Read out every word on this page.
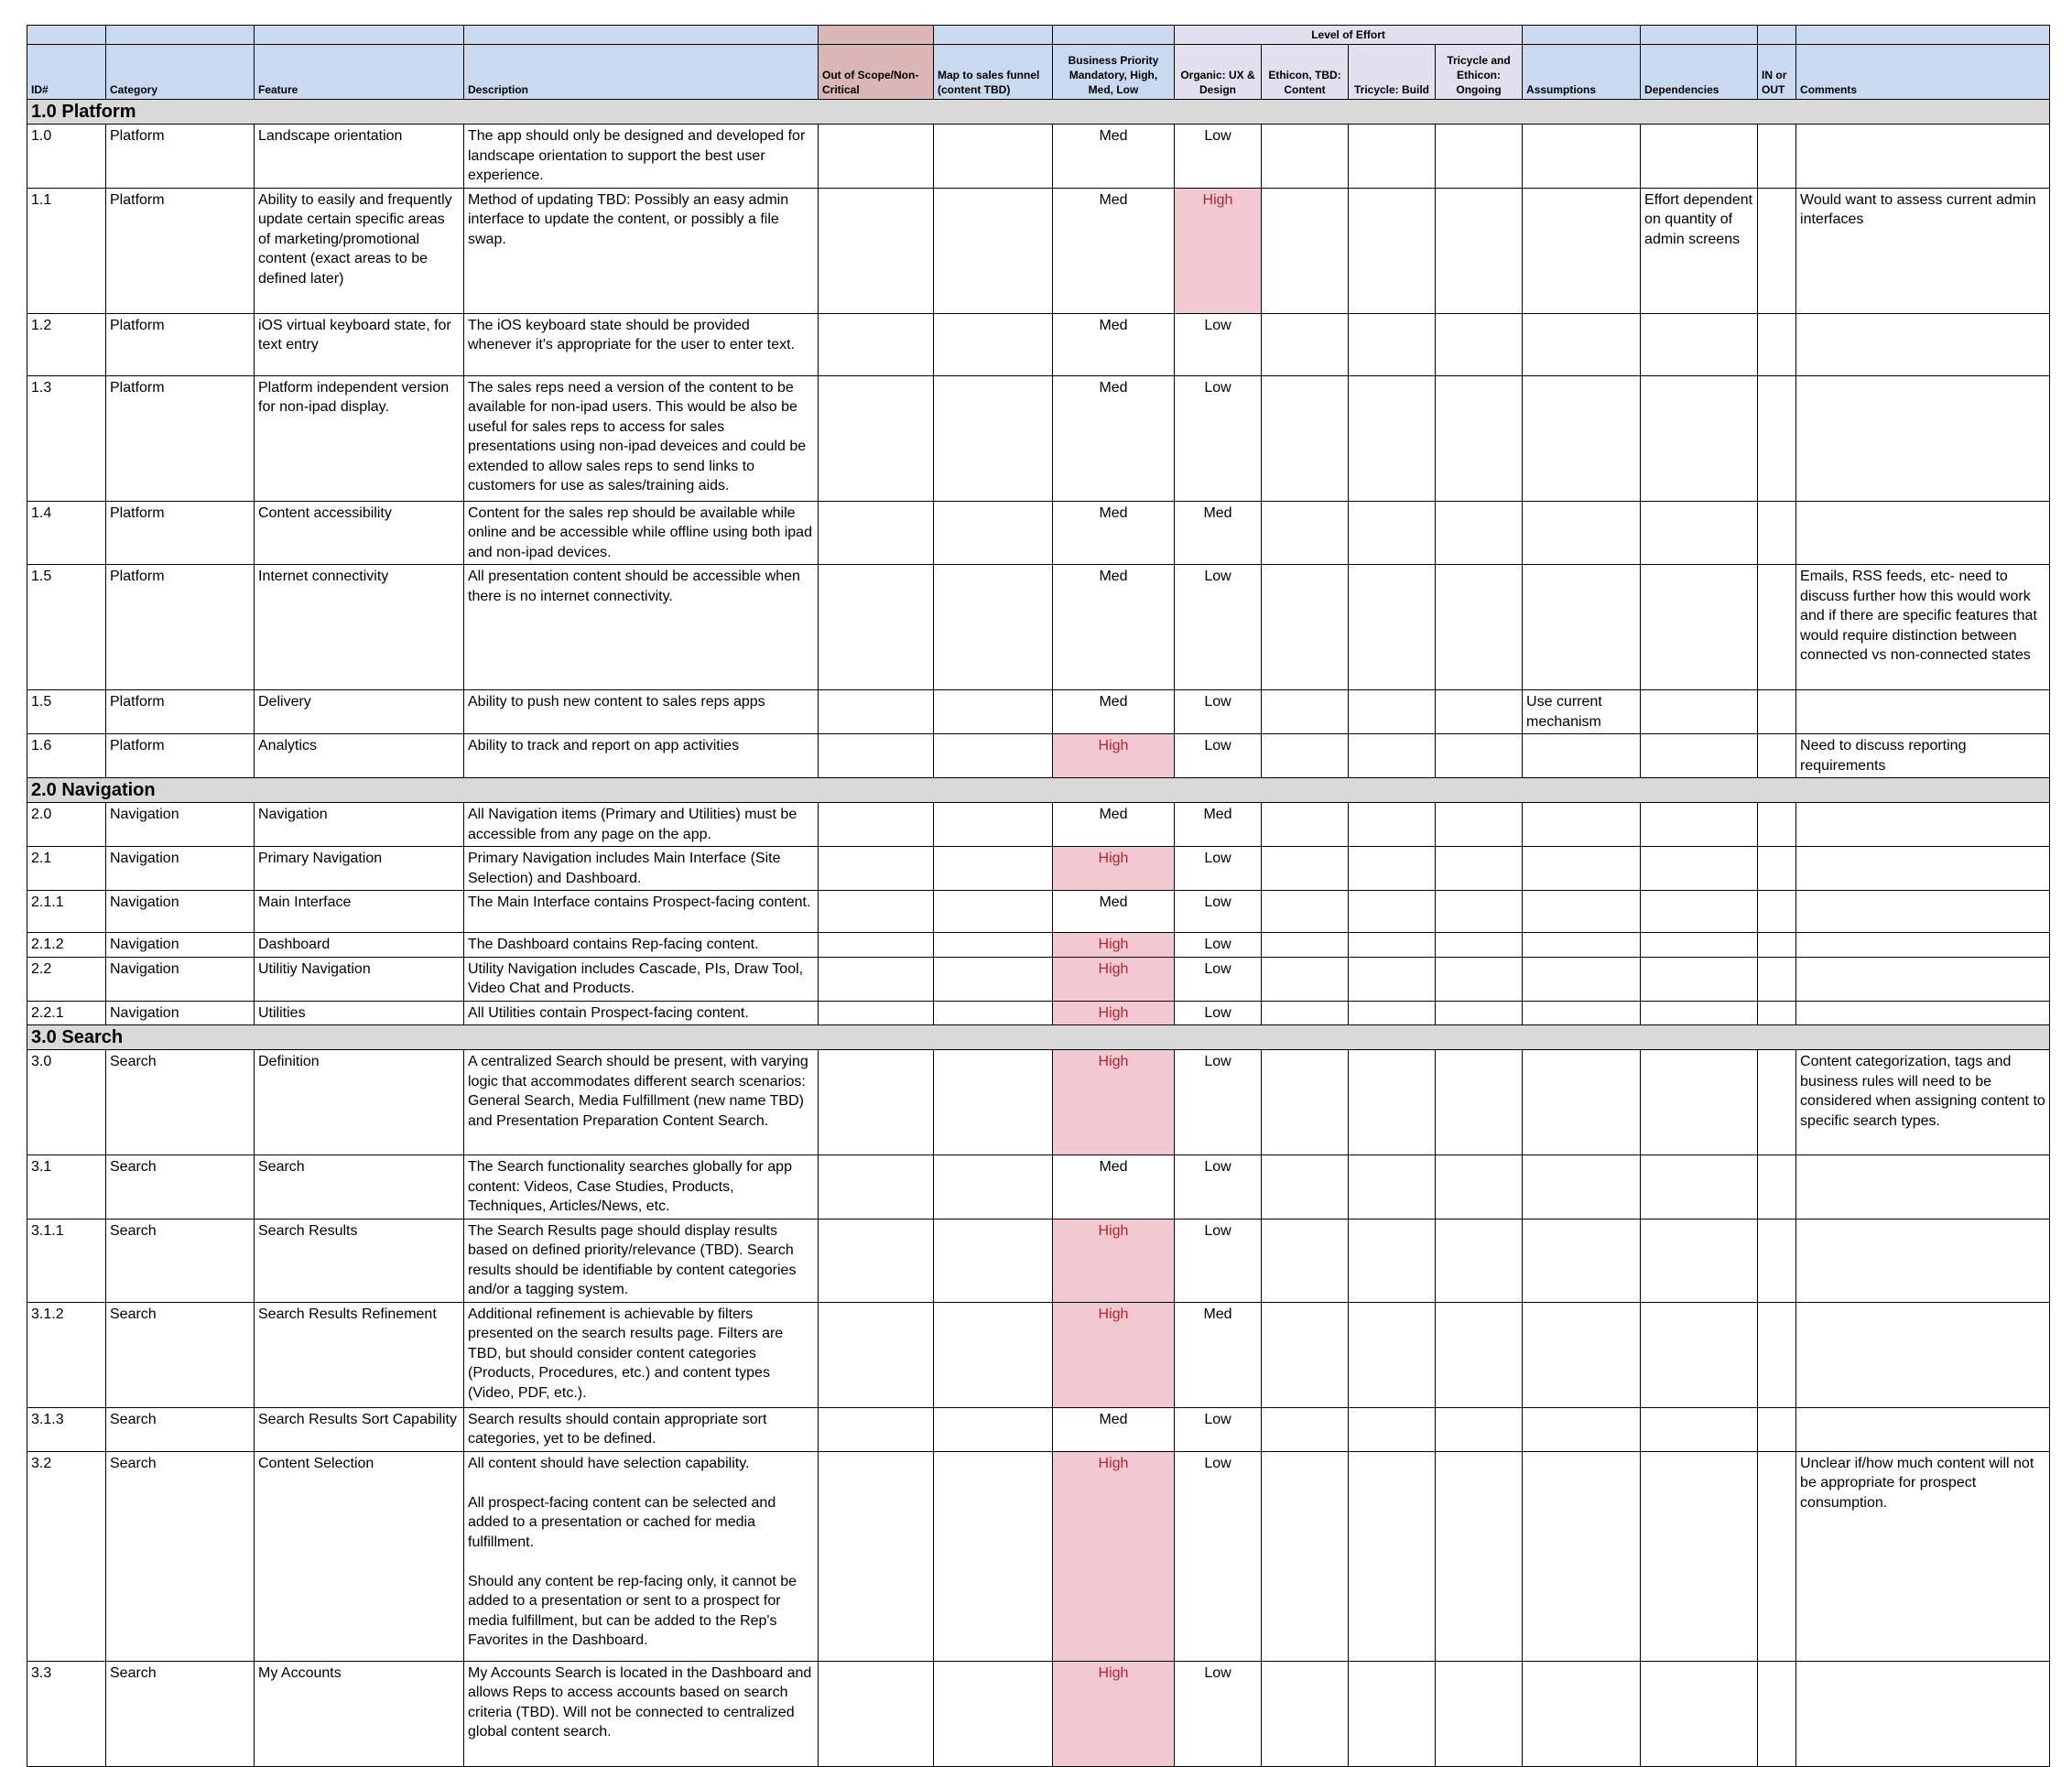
							Level of Effort							
ID#	Category	Feature	Description	Out of Scope/Non-Critical	Map to sales funnel (content TBD)	Business Priority Mandatory, High, Med, Low	Organic: UX & Design	Ethicon, TBD: Content	Tricycle: Build	Tricycle and Ethicon: Ongoing	Assumptions	Dependencies	IN or OUT	Comments
1.0 Platform														
1.0	Platform	Landscape orientation	The app should only be designed and developed for landscape orientation to support the best user experience.			Med	Low							
1.1	Platform	Ability to easily and frequently update certain specific areas of marketing/promotional content (exact areas to be defined later)	Method of updating TBD: Possibly an easy admin interface to update the content, or possibly a file swap.			Med	High					Effort dependent on quantity of admin screens		Would want to assess current admin interfaces
1.2	Platform	iOS virtual keyboard state, for text entry	The iOS keyboard state should be provided whenever it's appropriate for the user to enter text.			Med	Low							
1.3	Platform	Platform independent version for non-ipad display.	The sales reps need a version of the content to be available for non-ipad users. This would be also be useful for sales reps to access for sales presentations using non-ipad deveices and could be extended to allow sales reps to send links to customers for use as sales/training aids.			Med	Low							
1.4	Platform	Content accessibility	Content for the sales rep should be available while online and be accessible while offline using both ipad and non-ipad devices.			Med	Med							
1.5	Platform	Internet connectivity	All presentation content should be accessible when there is no internet connectivity.			Med	Low							Emails, RSS feeds, etc- need to discuss further how this would work and if there are specific features that would require distinction between connected vs non-connected states
1.5	Platform	Delivery	Ability to push new content to sales reps apps			Med	Low				Use current mechanism			
1.6	Platform	Analytics	Ability to track and report on app activities			High	Low							Need to discuss reporting requirements
2.0 Navigation														
2.0	Navigation	Navigation	All Navigation items (Primary and Utilities) must be accessible from any page on the app.			Med	Med							
2.1	Navigation	Primary Navigation	Primary Navigation includes Main Interface (Site Selection) and Dashboard.			High	Low							
2.1.1	Navigation	Main Interface	The Main Interface contains Prospect-facing content.			Med	Low							
2.1.2	Navigation	Dashboard	The Dashboard contains Rep-facing content.			High	Low							
2.2	Navigation	Utilitiy Navigation	Utility Navigation includes Cascade, PIs, Draw Tool, Video Chat and Products.			High	Low							
2.2.1	Navigation	Utilities	All Utilities contain Prospect-facing content.			High	Low							
3.0 Search														
3.0	Search	Definition	A centralized Search should be present, with varying logic that accommodates different search scenarios: General Search, Media Fulfillment (new name TBD) and Presentation Preparation Content Search.			High	Low							Content categorization, tags and business rules will need to be considered when assigning content to specific search types.
3.1	Search	Search	The Search functionality searches globally for app content: Videos, Case Studies, Products, Techniques, Articles/News, etc.			Med	Low							
3.1.1	Search	Search Results	The Search Results page should display results based on defined priority/relevance (TBD). Search results should be identifiable by content categories and/or a tagging system.			High	Low							
3.1.2	Search	Search Results Refinement	Additional refinement is achievable by filters presented on the search results page. Filters are TBD, but should consider content categories (Products, Procedures, etc.) and content types (Video, PDF, etc.).			High	Med							
3.1.3	Search	Search Results Sort Capability	Search results should contain appropriate sort categories, yet to be defined.			Med	Low							
3.2	Search	Content Selection	All content should have selection capability.

All prospect-facing content can be selected and added to a presentation or cached for media fulfillment.

Should any content be rep-facing only, it cannot be added to a presentation or sent to a prospect for media fulfillment, but can be added to the Rep's Favorites in the Dashboard.			High	Low							Unclear if/how much content will not be appropriate for prospect consumption.
3.3	Search	My Accounts	My Accounts Search is located in the Dashboard and allows Reps to access accounts based on search criteria (TBD). Will not be connected to centralized global content search.			High	Low							
